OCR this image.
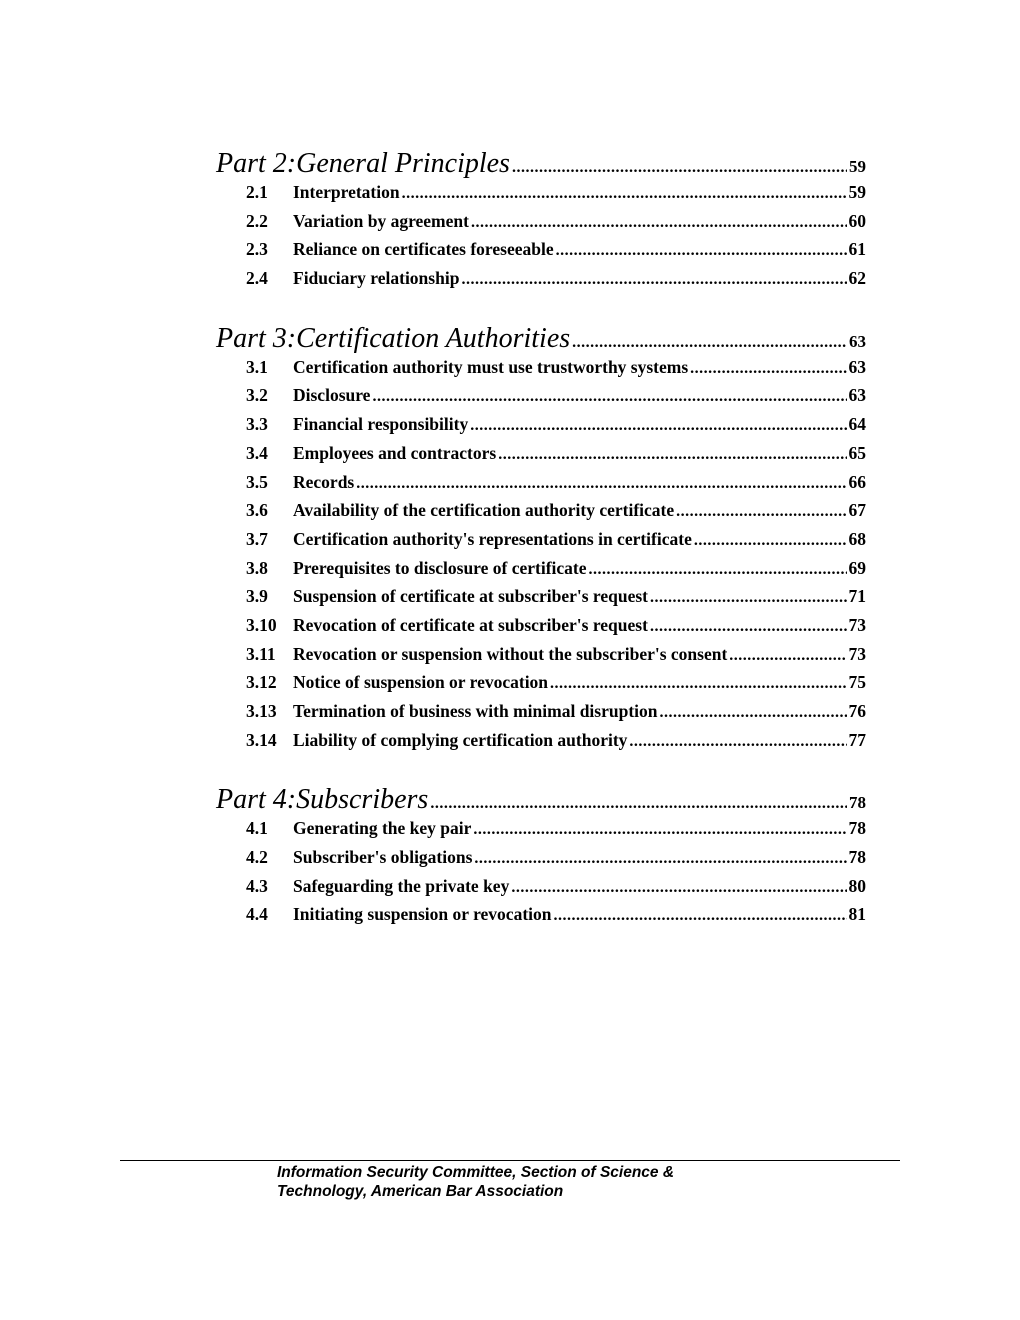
Part 2:General Principles .....	59
2.1	Interpretation .....	59
2.2	Variation by agreement .....	60
2.3	Reliance on certificates foreseeable .....	61
2.4	Fiduciary relationship .....	62
Part 3:Certification Authorities .....	63
3.1	Certification authority must use trustworthy systems .....	63
3.2	Disclosure .....	63
3.3	Financial responsibility .....	64
3.4	Employees and contractors .....	65
3.5	Records .....	66
3.6	Availability of the certification authority certificate .....	67
3.7	Certification authority's representations in certificate .....	68
3.8	Prerequisites to disclosure of certificate .....	69
3.9	Suspension of certificate at subscriber's request .....	71
3.10 Revocation of certificate at subscriber's request .....	73
3.11 Revocation or suspension without the subscriber's consent .....	73
3.12 Notice of suspension or revocation .....	75
3.13 Termination of business with minimal disruption .....	76
3.14 Liability of complying certification authority .....	77
Part 4:Subscribers .....	78
4.1	Generating the key pair .....	78
4.2	Subscriber's obligations .....	78
4.3	Safeguarding the private key .....	80
4.4	Initiating suspension or revocation .....	81
Information Security Committee, Section of Science &
Technology, American Bar Association
